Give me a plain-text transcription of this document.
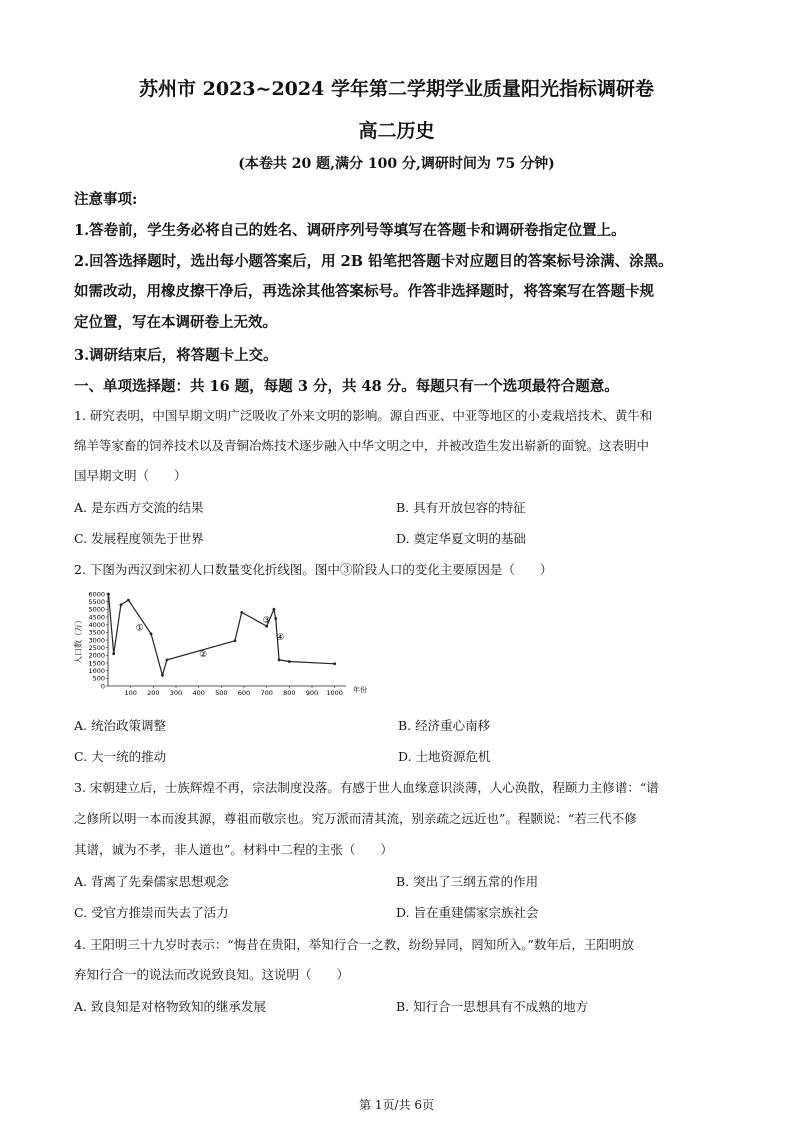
苏州市 2023~2024 学年第二学期学业质量阳光指标调研卷
高二历史
(本卷共 20 题,满分 100 分,调研时间为 75 分钟)
注意事项:
1.答卷前，学生务必将自己的姓名、调研序列号等填写在答题卡和调研卷指定位置上。
2.回答选择题时，选出每小题答案后，用 2B 铅笔把答题卡对应题目的答案标号涂满、涂黑。
如需改动，用橡皮擦干净后，再选涂其他答案标号。作答非选择题时，将答案写在答题卡规
定位置，写在本调研卷上无效。
3.调研结束后，将答题卡上交。
一、单项选择题：共 16 题，每题 3 分，共 48 分。每题只有一个选项最符合题意。
1. 研究表明，中国早期文明广泛吸收了外来文明的影响。源自西亚、中亚等地区的小麦栽培技术、黄牛和
绵羊等家畜的饲养技术以及青铜冶炼技术逐步融入中华文明之中，并被改造生发出崭新的面貌。这表明中
国早期文明（　　）
A. 是东西方交流的结果	B. 具有开放包容的特征
C. 发展程度领先于世界	D. 奠定华夏文明的基础
2. 下图为西汉到宋初人口数量变化折线图。图中③阶段人口的变化主要原因是（　　）
6000
5500
5000
4500
4000
3500
3000
2500
2000
1500
1000
500
0
100 200 300 400 500 600 700 800 900 1000
人口数（万）
年份
①
②
③
④
A. 统治政策调整	B. 经济重心南移
C. 大一统的推动	D. 土地资源危机
3. 宋朝建立后，士族辉煌不再，宗法制度没落。有感于世人血缘意识淡薄，人心涣散，程颐力主修谱：“谱
之修所以明一本而浚其源，尊祖而敬宗也。究万派而清其流，别亲疏之远近也”。程颢说：“若三代不修
其谱，诚为不孝，非人道也”。材料中二程的主张（　　）
A. 背离了先秦儒家思想观念	B. 突出了三纲五常的作用
C. 受官方推崇而失去了活力	D. 旨在重建儒家宗族社会
4. 王阳明三十九岁时表示：“悔昔在贵阳，举知行合一之教，纷纷异同，罔知所入。”数年后，王阳明放
弃知行合一的说法而改说致良知。这说明（　　）
A. 致良知是对格物致知的继承发展	B. 知行合一思想具有不成熟的地方
第 1页/共 6页
